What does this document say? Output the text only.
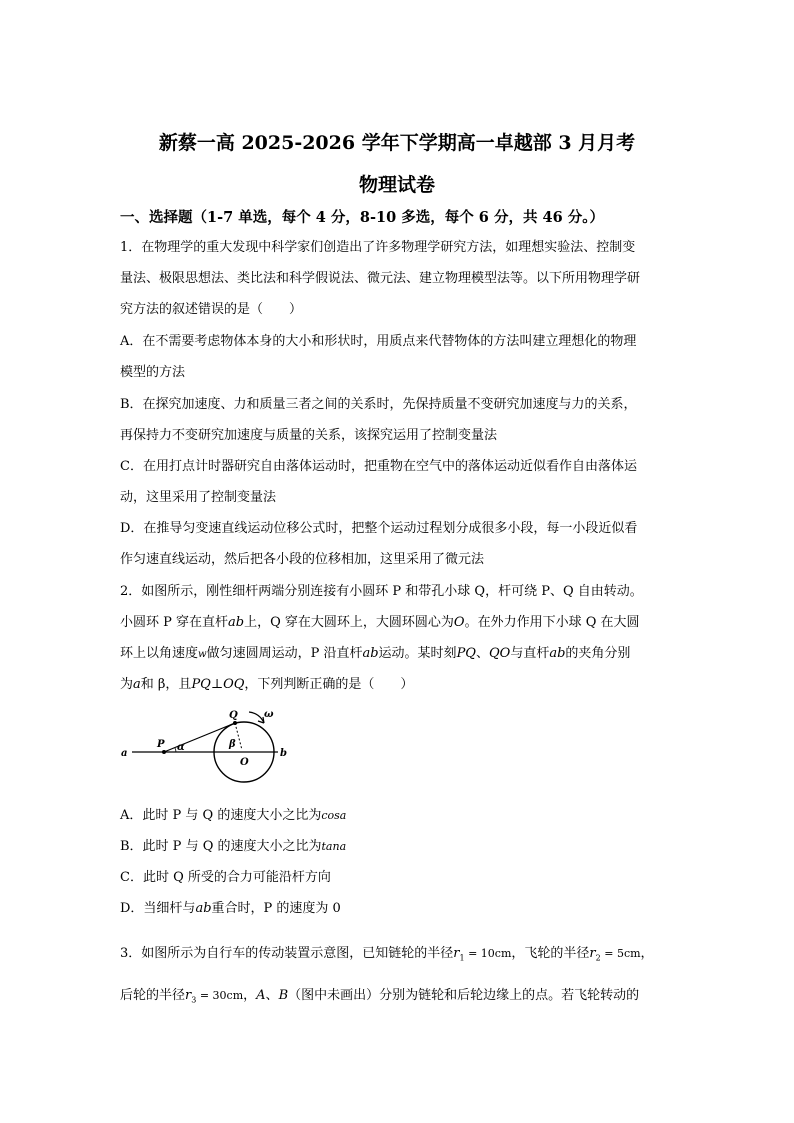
新蔡一高 2025-2026 学年下学期高一卓越部 3 月月考
物理试卷
一、选择题（1-7 单选，每个 4 分，8-10 多选，每个 6 分，共 46 分。）
1．在物理学的重大发现中科学家们创造出了许多物理学研究方法，如理想实验法、控制变
量法、极限思想法、类比法和科学假说法、微元法、建立物理模型法等。以下所用物理学研
究方法的叙述错误的是（　　）
A．在不需要考虑物体本身的大小和形状时，用质点来代替物体的方法叫建立理想化的物理
模型的方法
B．在探究加速度、力和质量三者之间的关系时，先保持质量不变研究加速度与力的关系，
再保持力不变研究加速度与质量的关系，该探究运用了控制变量法
C．在用打点计时器研究自由落体运动时，把重物在空气中的落体运动近似看作自由落体运
动，这里采用了控制变量法
D．在推导匀变速直线运动位移公式时，把整个运动过程划分成很多小段，每一小段近似看
作匀速直线运动，然后把各小段的位移相加，这里采用了微元法
2．如图所示，刚性细杆两端分别连接有小圆环 P 和带孔小球 Q，杆可绕 P、Q 自由转动。
小圆环 P 穿在直杆ab上，Q 穿在大圆环上，大圆环圆心为O。在外力作用下小球 Q 在大圆
环上以角速度w做匀速圆周运动，P 沿直杆ab运动。某时刻PQ、QO与直杆ab的夹角分别
为a和 β，且PQ⊥OQ，下列判断正确的是（　　）
Q	ω
a
P α	β
O
b
A．此时 P 与 Q 的速度大小之比为cosa
B．此时 P 与 Q 的速度大小之比为tana
C．此时 Q 所受的合力可能沿杆方向
D．当细杆与ab重合时，P 的速度为 0
3．如图所示为自行车的传动装置示意图，已知链轮的半径$r_1 = 10cm$，飞轮的半径$r_2 = 5cm$，
后轮的半径$r_3 = 30cm$，A、B（图中未画出）分别为链轮和后轮边缘上的点。若飞轮转动的
